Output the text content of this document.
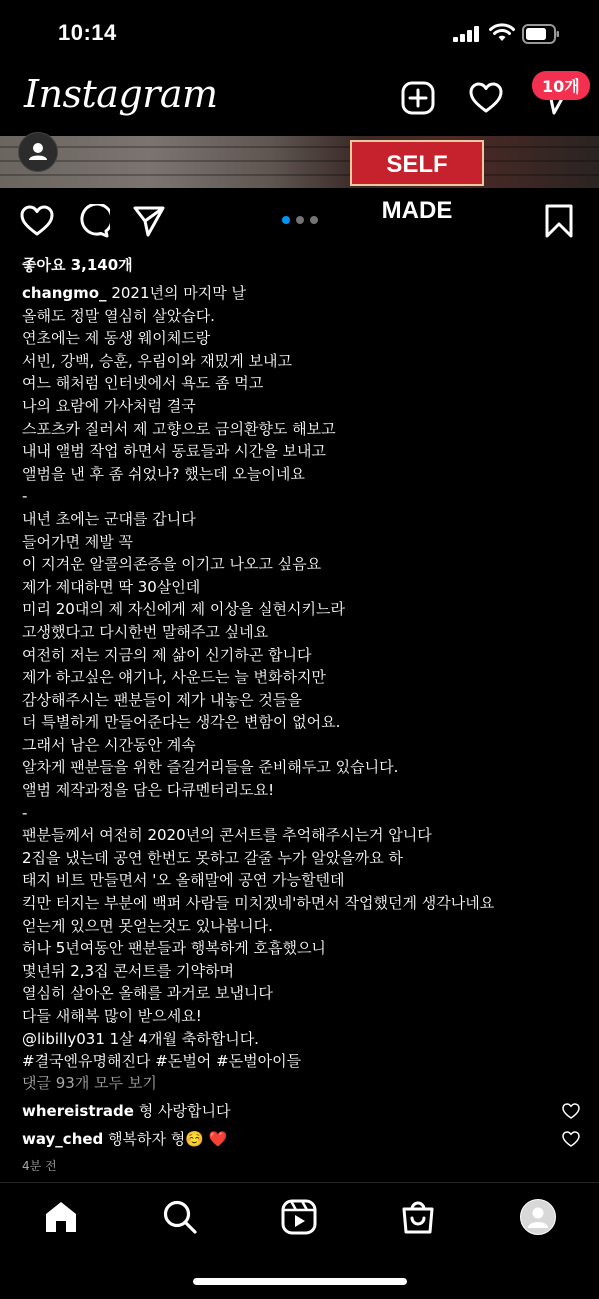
10:14
Instagram	10개
SELF MADE
좋아요 3,140개
changmo_ 2021년의 마지막 날
올해도 정말 열심히 살았습다.
연초에는 제 동생 웨이체드랑
서빈, 강백, 승훈, 우림이와 재밌게 보내고
여느 해처럼 인터넷에서 욕도 좀 먹고
나의 요람에 가사처럼 결국
스포츠카 질러서 제 고향으로 금의환향도 해보고
내내 앨범 작업 하면서 동료들과 시간을 보내고
앨범을 낸 후 좀 쉬었나? 했는데 오늘이네요
-
내년 초에는 군대를 갑니다
들어가면 제발 꼭
이 지겨운 알콜의존증을 이기고 나오고 싶음요
제가 제대하면 딱 30살인데
미리 20대의 제 자신에게 제 이상을 실현시키느라
고생했다고 다시한번 말해주고 싶네요
여전히 저는 지금의 제 삶이 신기하곤 합니다
제가 하고싶은 얘기나, 사운드는 늘 변화하지만
감상해주시는 팬분들이 제가 내놓은 것들을
더 특별하게 만들어준다는 생각은 변함이 없어요.
그래서 남은 시간동안 계속
알차게 팬분들을 위한 즐길거리들을 준비해두고 있습니다.
앨범 제작과정을 담은 다큐멘터리도요!
-
팬분들께서 여전히 2020년의 콘서트를 추억해주시는거 압니다
2집을 냈는데 공연 한번도 못하고 갈줄 누가 알았을까요 하
태지 비트 만들면서 '오 올해말에 공연 가능할텐데
킥만 터지는 부분에 백퍼 사람들 미치겠네'하면서 작업했던게 생각나네요
얻는게 있으면 못얻는것도 있나봅니다.
허나 5년여동안 팬분들과 행복하게 호흡했으니
몇년뒤 2,3집 콘서트를 기약하며
열심히 살아온 올해를 과거로 보냅니다
다들 새해복 많이 받으세요!
@libilly031 1살 4개월 축하합니다.
#결국엔유명해진다 #돈벌어 #돈벌아이들
댓글 93개 모두 보기
whereistrade 형 사랑합니다
way_ched 행복하자 형☺️ ❤️
4분 전
